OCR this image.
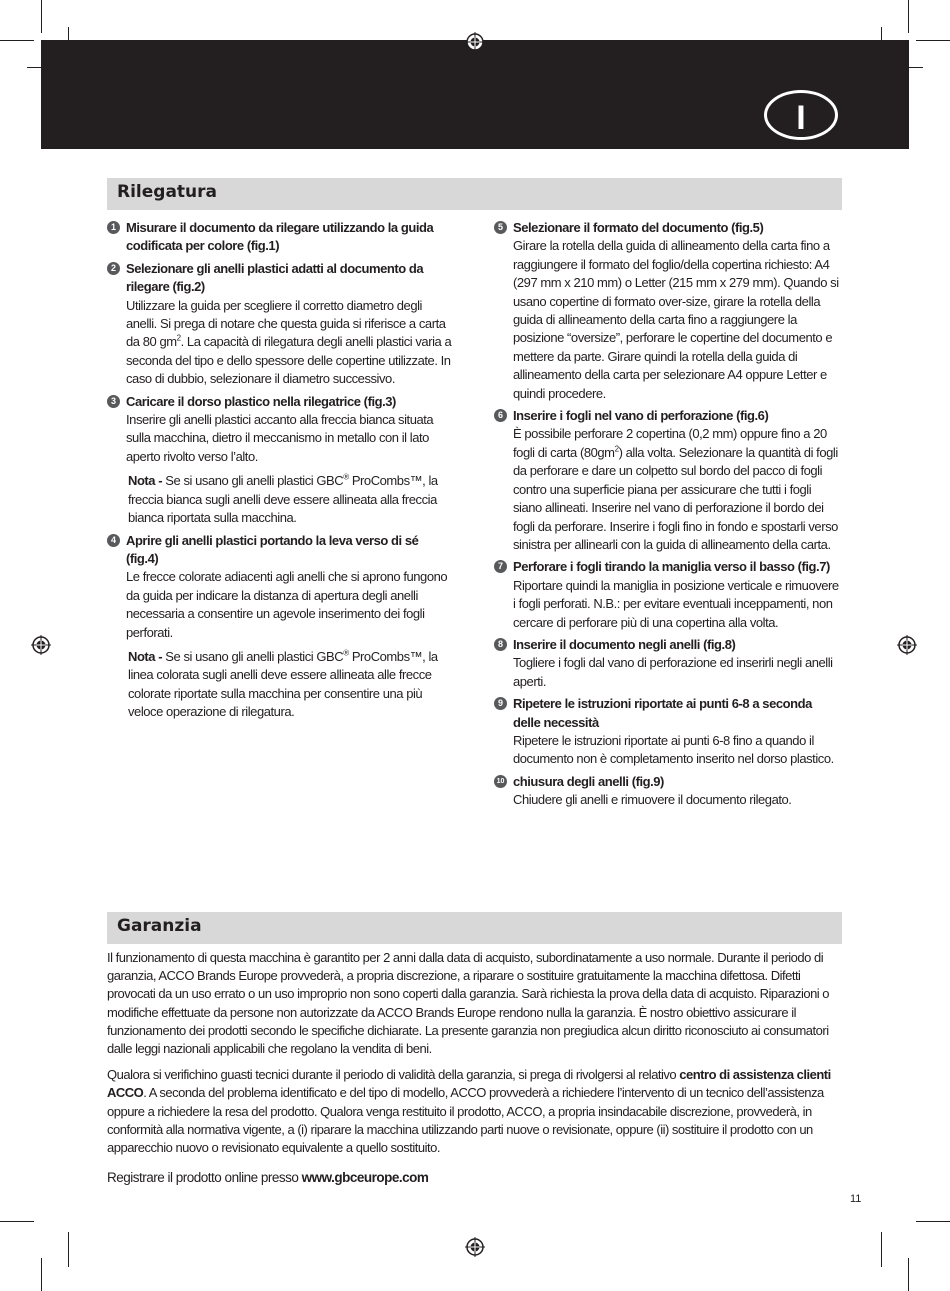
I
Rilegatura
1 Misurare il documento da rilegare utilizzando la guida codificata per colore (fig.1)
2 Selezionare gli anelli plastici adatti al documento da rilegare (fig.2)
Utilizzare la guida per scegliere il corretto diametro degli anelli. Si prega di notare che questa guida si riferisce a carta da 80 $gm^2$. La capacità di rilegatura degli anelli plastici varia a seconda del tipo e dello spessore delle copertine utilizzate. In caso di dubbio, selezionare il diametro successivo.
3 Caricare il dorso plastico nella rilegatrice (fig.3)
Inserire gli anelli plastici accanto alla freccia bianca situata sulla macchina, dietro il meccanismo in metallo con il lato aperto rivolto verso l’alto.
Nota - Se si usano gli anelli plastici GBC® ProCombs™, la freccia bianca sugli anelli deve essere allineata alla freccia bianca riportata sulla macchina.
4 Aprire gli anelli plastici portando la leva verso di sé (fig.4)
Le frecce colorate adiacenti agli anelli che si aprono fungono da guida per indicare la distanza di apertura degli anelli necessaria a consentire un agevole inserimento dei fogli perforati.
Nota - Se si usano gli anelli plastici GBC® ProCombs™, la linea colorata sugli anelli deve essere allineata alle frecce colorate riportate sulla macchina per consentire una più veloce operazione di rilegatura.
5 Selezionare il formato del documento (fig.5)
Girare la rotella della guida di allineamento della carta fino a raggiungere il formato del foglio/della copertina richiesto: A4 (297 mm x 210 mm) o Letter (215 mm x 279 mm). Quando si usano copertine di formato over-size, girare la rotella della guida di allineamento della carta fino a raggiungere la posizione “oversize”, perforare le copertine del documento e mettere da parte. Girare quindi la rotella della guida di allineamento della carta per selezionare A4 oppure Letter e quindi procedere.
6 Inserire i fogli nel vano di perforazione (fig.6)
È possibile perforare 2 copertina (0,2 mm) oppure fino a 20 fogli di carta $(80gm^2)$ alla volta. Selezionare la quantità di fogli da perforare e dare un colpetto sul bordo del pacco di fogli contro una superficie piana per assicurare che tutti i fogli siano allineati. Inserire nel vano di perforazione il bordo dei fogli da perforare. Inserire i fogli fino in fondo e spostarli verso sinistra per allinearli con la guida di allineamento della carta.
7 Perforare i fogli tirando la maniglia verso il basso (fig.7)
Riportare quindi la maniglia in posizione verticale e rimuovere i fogli perforati. N.B.: per evitare eventuali inceppamenti, non cercare di perforare più di una copertina alla volta.
8 Inserire il documento negli anelli (fig.8)
Togliere i fogli dal vano di perforazione ed inserirli negli anelli aperti.
9 Ripetere le istruzioni riportate ai punti 6-8 a seconda delle necessità
Ripetere le istruzioni riportate ai punti 6-8 fino a quando il documento non è completamento inserito nel dorso plastico.
10 chiusura degli anelli (fig.9)
Chiudere gli anelli e rimuovere il documento rilegato.
Garanzia

Il funzionamento di questa macchina è garantito per 2 anni dalla data di acquisto, subordinatamente a uso normale. Durante il periodo di garanzia, ACCO Brands Europe provvederà, a propria discrezione, a riparare o sostituire gratuitamente la macchina difettosa. Difetti provocati da un uso errato o un uso improprio non sono coperti dalla garanzia. Sarà richiesta la prova della data di acquisto. Riparazioni o modifiche effettuate da persone non autorizzate da ACCO Brands Europe rendono nulla la garanzia. È nostro obiettivo assicurare il funzionamento dei prodotti secondo le specifiche dichiarate. La presente garanzia non pregiudica alcun diritto riconosciuto ai consumatori dalle leggi nazionali applicabili che regolano la vendita di beni.

Qualora si verifichino guasti tecnici durante il periodo di validità della garanzia, si prega di rivolgersi al relativo centro di assistenza clienti ACCO. A seconda del problema identificato e del tipo di modello, ACCO provvederà a richiedere l’intervento di un tecnico dell’assistenza oppure a richiedere la resa del prodotto. Qualora venga restituito il prodotto, ACCO, a propria insindacabile discrezione, provvederà, in conformità alla normativa vigente, a (i) riparare la macchina utilizzando parti nuove o revisionate, oppure (ii) sostituire il prodotto con un apparecchio nuovo o revisionato equivalente a quello sostituito.

Registrare il prodotto online presso www.gbceurope.com

11
